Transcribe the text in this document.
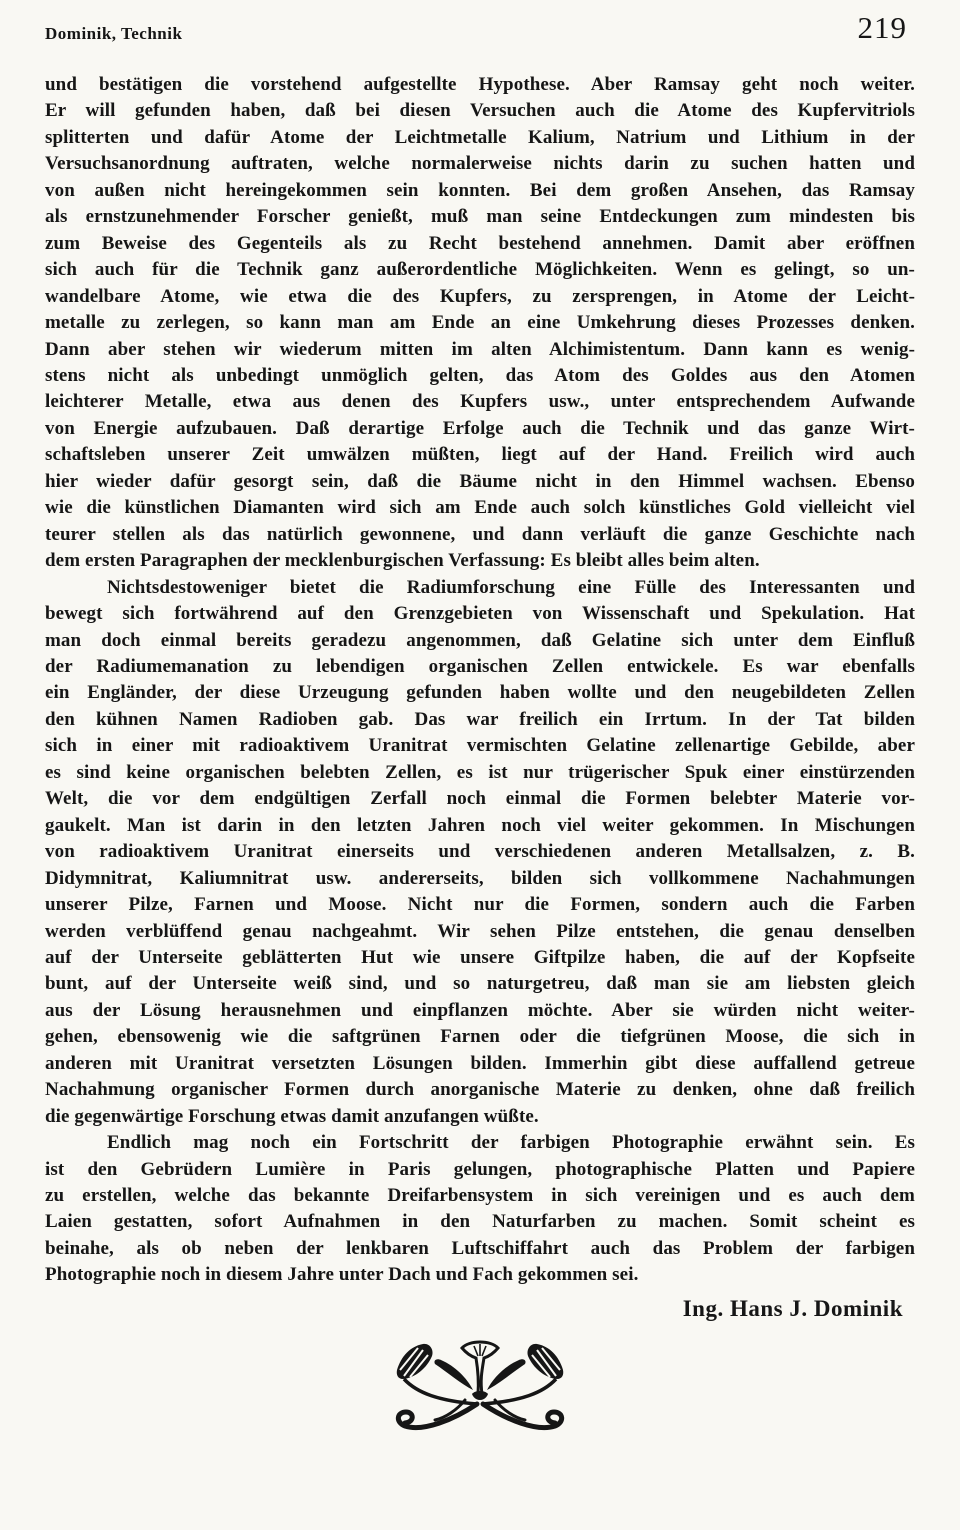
Dominik, Technik	219
und bestätigen die vorstehend aufgestellte Hypothese. Aber Ramsay geht noch weiter.
Er will gefunden haben, daß bei diesen Versuchen auch die Atome des Kupfervitriols
splitterten und dafür Atome der Leichtmetalle Kalium, Natrium und Lithium in der
Versuchsanordnung auftraten, welche normalerweise nichts darin zu suchen hatten und
von außen nicht hereingekommen sein konnten. Bei dem großen Ansehen, das Ramsay
als ernstzunehmender Forscher genießt, muß man seine Entdeckungen zum mindesten bis
zum Beweise des Gegenteils als zu Recht bestehend annehmen. Damit aber eröffnen
sich auch für die Technik ganz außerordentliche Möglichkeiten. Wenn es gelingt, so un-
wandelbare Atome, wie etwa die des Kupfers, zu zersprengen, in Atome der Leicht-
metalle zu zerlegen, so kann man am Ende an eine Umkehrung dieses Prozesses denken.
Dann aber stehen wir wiederum mitten im alten Alchimistentum. Dann kann es wenig-
stens nicht als unbedingt unmöglich gelten, das Atom des Goldes aus den Atomen
leichterer Metalle, etwa aus denen des Kupfers usw., unter entsprechendem Aufwande
von Energie aufzubauen. Daß derartige Erfolge auch die Technik und das ganze Wirt-
schaftsleben unserer Zeit umwälzen müßten, liegt auf der Hand. Freilich wird auch
hier wieder dafür gesorgt sein, daß die Bäume nicht in den Himmel wachsen. Ebenso
wie die künstlichen Diamanten wird sich am Ende auch solch künstliches Gold vielleicht viel
teurer stellen als das natürlich gewonnene, und dann verläuft die ganze Geschichte nach
dem ersten Paragraphen der mecklenburgischen Verfassung: Es bleibt alles beim alten.
Nichtsdestoweniger bietet die Radiumforschung eine Fülle des Interessanten und
bewegt sich fortwährend auf den Grenzgebieten von Wissenschaft und Spekulation. Hat
man doch einmal bereits geradezu angenommen, daß Gelatine sich unter dem Einfluß
der Radiumemanation zu lebendigen organischen Zellen entwickele. Es war ebenfalls
ein Engländer, der diese Urzeugung gefunden haben wollte und den neugebildeten Zellen
den kühnen Namen Radioben gab. Das war freilich ein Irrtum. In der Tat bilden
sich in einer mit radioaktivem Uranitrat vermischten Gelatine zellenartige Gebilde, aber
es sind keine organischen belebten Zellen, es ist nur trügerischer Spuk einer einstürzenden
Welt, die vor dem endgültigen Zerfall noch einmal die Formen belebter Materie vor-
gaukelt. Man ist darin in den letzten Jahren noch viel weiter gekommen. In Mischungen
von radioaktivem Uranitrat einerseits und verschiedenen anderen Metallsalzen, z. B.
Didymnitrat, Kaliumnitrat usw. andererseits, bilden sich vollkommene Nachahmungen
unserer Pilze, Farnen und Moose. Nicht nur die Formen, sondern auch die Farben
werden verblüffend genau nachgeahmt. Wir sehen Pilze entstehen, die genau denselben
auf der Unterseite geblätterten Hut wie unsere Giftpilze haben, die auf der Kopfseite
bunt, auf der Unterseite weiß sind, und so naturgetreu, daß man sie am liebsten gleich
aus der Lösung herausnehmen und einpflanzen möchte. Aber sie würden nicht weiter-
gehen, ebensowenig wie die saftgrünen Farnen oder die tiefgrünen Moose, die sich in
anderen mit Uranitrat versetzten Lösungen bilden. Immerhin gibt diese auffallend getreue
Nachahmung organischer Formen durch anorganische Materie zu denken, ohne daß freilich
die gegenwärtige Forschung etwas damit anzufangen wüßte.
Endlich mag noch ein Fortschritt der farbigen Photographie erwähnt sein. Es
ist den Gebrüdern Lumière in Paris gelungen, photographische Platten und Papiere
zu erstellen, welche das bekannte Dreifarbensystem in sich vereinigen und es auch dem
Laien gestatten, sofort Aufnahmen in den Naturfarben zu machen. Somit scheint es
beinahe, als ob neben der lenkbaren Luftschiffahrt auch das Problem der farbigen
Photographie noch in diesem Jahre unter Dach und Fach gekommen sei.
Ing. Hans J. Dominik
